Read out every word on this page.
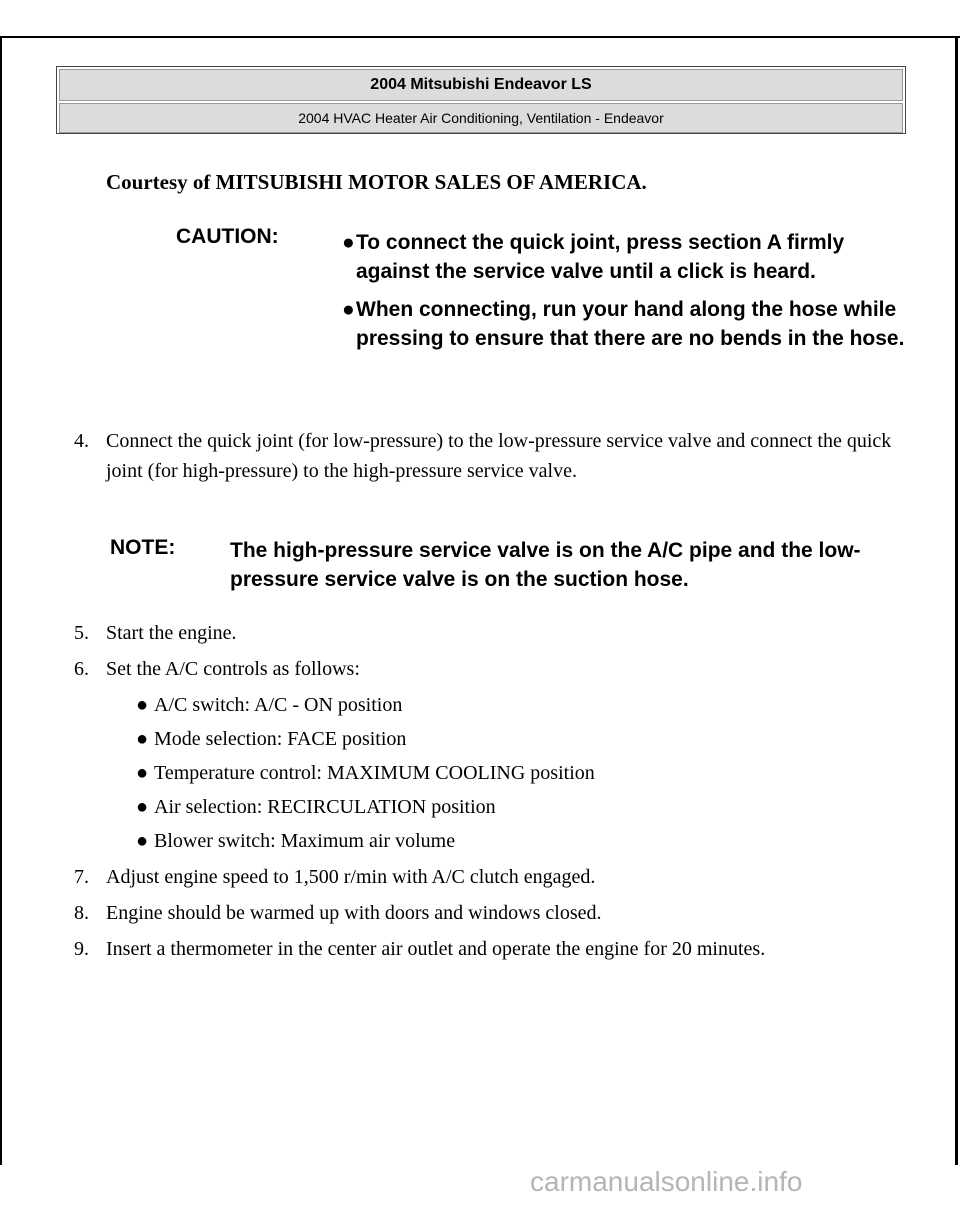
2004 Mitsubishi Endeavor LS
2004 HVAC Heater Air Conditioning, Ventilation - Endeavor
Courtesy of MITSUBISHI MOTOR SALES OF AMERICA.
CAUTION:	● To connect the quick joint, press section A firmly against the service valve until a click is heard.
● When connecting, run your hand along the hose while pressing to ensure that there are no bends in the hose.
4. Connect the quick joint (for low-pressure) to the low-pressure service valve and connect the quick joint (for high-pressure) to the high-pressure service valve.
NOTE:	The high-pressure service valve is on the A/C pipe and the low-pressure service valve is on the suction hose.
5. Start the engine.
6. Set the A/C controls as follows:
● A/C switch: A/C - ON position
● Mode selection: FACE position
● Temperature control: MAXIMUM COOLING position
● Air selection: RECIRCULATION position
● Blower switch: Maximum air volume
7. Adjust engine speed to 1,500 r/min with A/C clutch engaged.
8. Engine should be warmed up with doors and windows closed.
9. Insert a thermometer in the center air outlet and operate the engine for 20 minutes.
carmanualsonline.info
